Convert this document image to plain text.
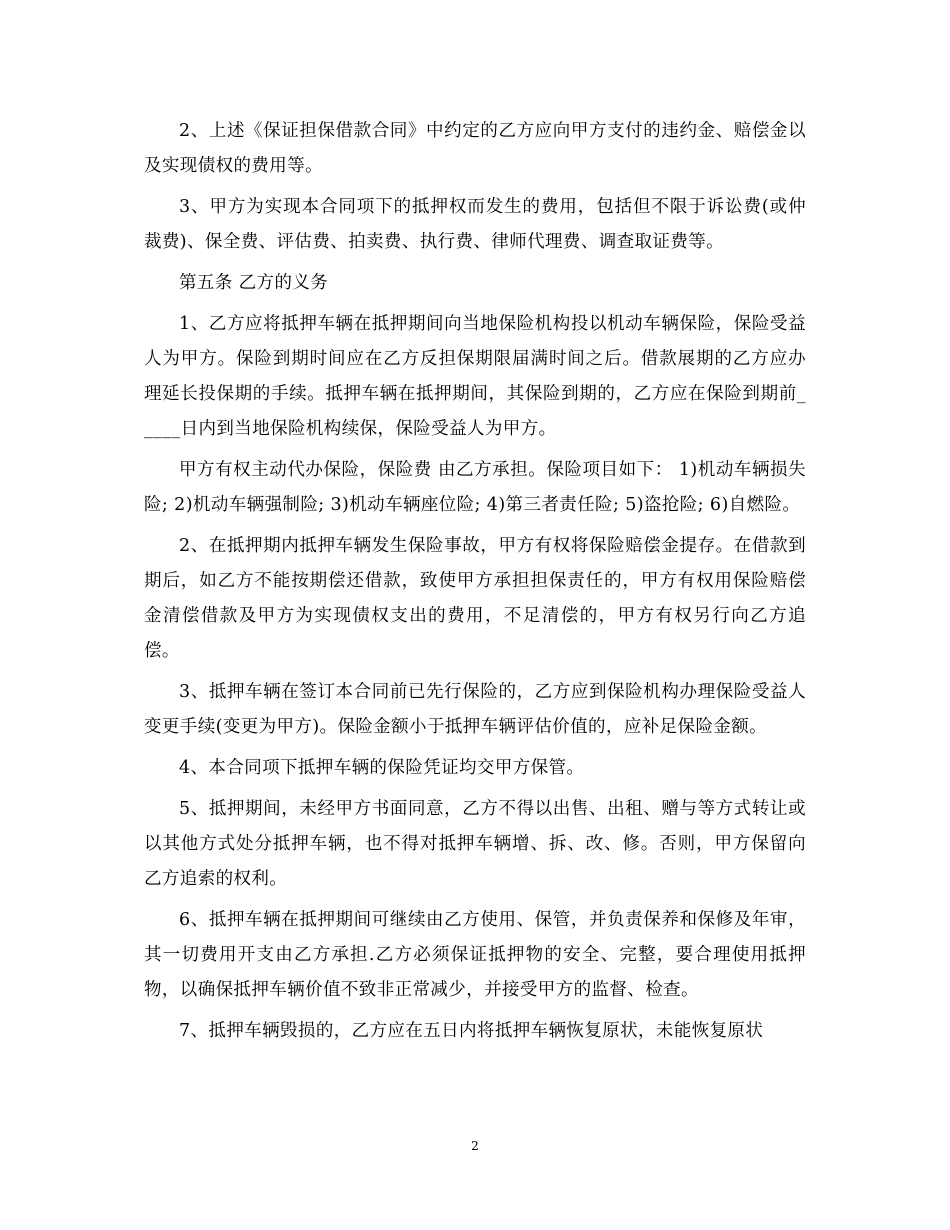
2、上述《保证担保借款合同》中约定的乙方应向甲方支付的违约金、赔偿金以及实现债权的费用等。

3、甲方为实现本合同项下的抵押权而发生的费用，包括但不限于诉讼费(或仲裁费)、保全费、评估费、拍卖费、执行费、律师代理费、调查取证费等。

第五条 乙方的义务

1、乙方应将抵押车辆在抵押期间向当地保险机构投以机动车辆保险，保险受益人为甲方。保险到期时间应在乙方反担保期限届满时间之后。借款展期的乙方应办理延长投保期的手续。抵押车辆在抵押期间，其保险到期的，乙方应在保险到期前_____日内到当地保险机构续保，保险受益人为甲方。

甲方有权主动代办保险，保险费 由乙方承担。保险项目如下： 1)机动车辆损失险; 2)机动车辆强制险; 3)机动车辆座位险; 4)第三者责任险; 5)盗抢险; 6)自燃险。

2、在抵押期内抵押车辆发生保险事故，甲方有权将保险赔偿金提存。在借款到期后，如乙方不能按期偿还借款，致使甲方承担担保责任的，甲方有权用保险赔偿金清偿借款及甲方为实现债权支出的费用，不足清偿的，甲方有权另行向乙方追偿。

3、抵押车辆在签订本合同前已先行保险的，乙方应到保险机构办理保险受益人变更手续(变更为甲方)。保险金额小于抵押车辆评估价值的，应补足保险金额。

4、本合同项下抵押车辆的保险凭证均交甲方保管。

5、抵押期间，未经甲方书面同意，乙方不得以出售、出租、赠与等方式转让或以其他方式处分抵押车辆，也不得对抵押车辆增、拆、改、修。否则，甲方保留向乙方追索的权利。

6、抵押车辆在抵押期间可继续由乙方使用、保管，并负责保养和保修及年审，其一切费用开支由乙方承担.乙方必须保证抵押物的安全、完整，要合理使用抵押物，以确保抵押车辆价值不致非正常减少，并接受甲方的监督、检查。

7、抵押车辆毁损的，乙方应在五日内将抵押车辆恢复原状，未能恢复原状

2
